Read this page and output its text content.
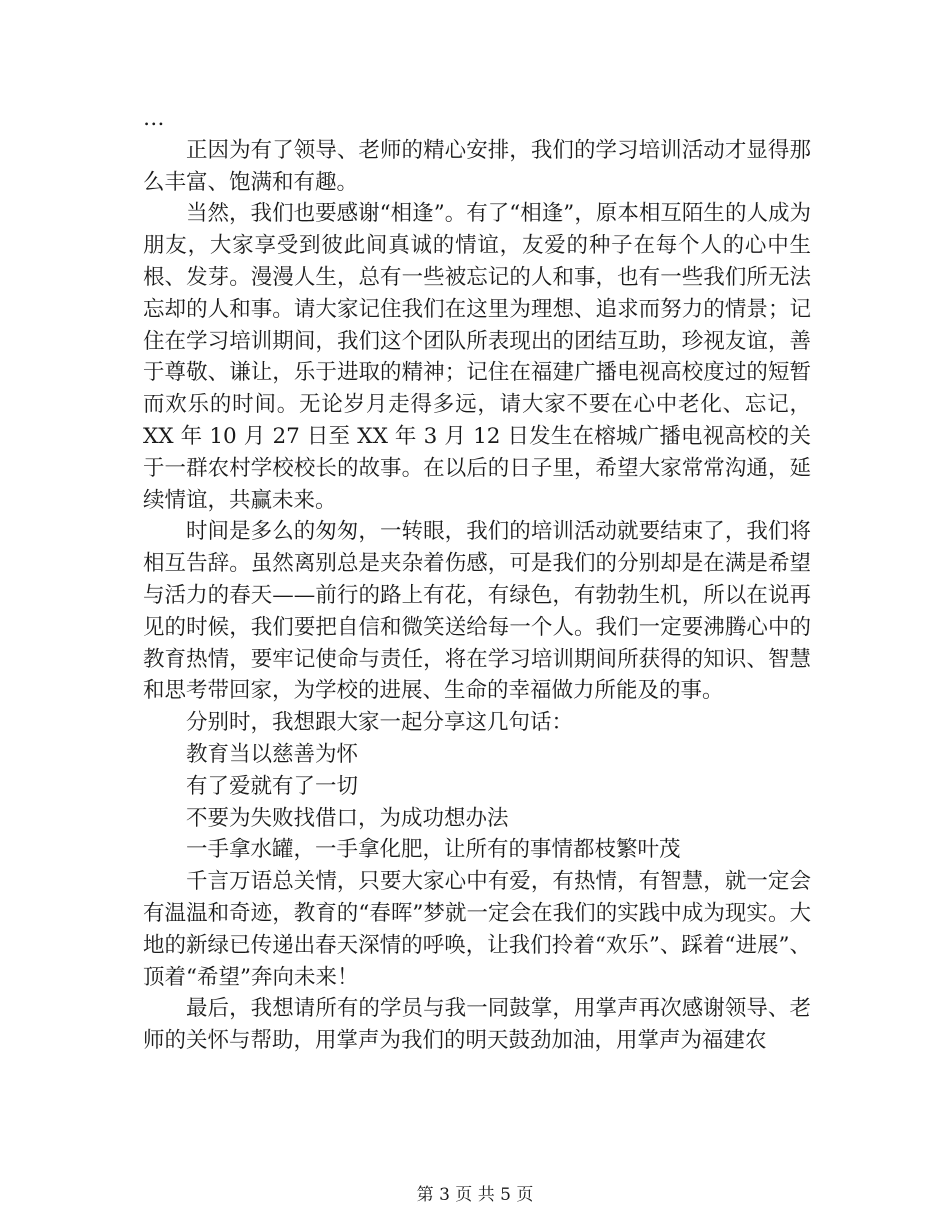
…

正因为有了领导、老师的精心安排，我们的学习培训活动才显得那么丰富、饱满和有趣。

当然，我们也要感谢“相逢”。有了“相逢”，原本相互陌生的人成为朋友，大家享受到彼此间真诚的情谊，友爱的种子在每个人的心中生根、发芽。漫漫人生，总有一些被忘记的人和事，也有一些我们所无法忘却的人和事。请大家记住我们在这里为理想、追求而努力的情景；记住在学习培训期间，我们这个团队所表现出的团结互助，珍视友谊，善于尊敬、谦让，乐于进取的精神；记住在福建广播电视高校度过的短暂而欢乐的时间。无论岁月走得多远，请大家不要在心中老化、忘记，XX 年 10 月 27 日至 XX 年 3 月 12 日发生在榕城广播电视高校的关于一群农村学校校长的故事。在以后的日子里，希望大家常常沟通，延续情谊，共赢未来。

时间是多么的匆匆，一转眼，我们的培训活动就要结束了，我们将相互告辞。虽然离别总是夹杂着伤感，可是我们的分别却是在满是希望与活力的春天——前行的路上有花，有绿色，有勃勃生机，所以在说再见的时候，我们要把自信和微笑送给每一个人。我们一定要沸腾心中的教育热情，要牢记使命与责任，将在学习培训期间所获得的知识、智慧和思考带回家，为学校的进展、生命的幸福做力所能及的事。

分别时，我想跟大家一起分享这几句话：

教育当以慈善为怀

有了爱就有了一切

不要为失败找借口，为成功想办法

一手拿水罐，一手拿化肥，让所有的事情都枝繁叶茂

千言万语总关情，只要大家心中有爱，有热情，有智慧，就一定会有温温和奇迹，教育的“春晖”梦就一定会在我们的实践中成为现实。大地的新绿已传递出春天深情的呼唤，让我们拎着“欢乐”、踩着“进展”、顶着“希望”奔向未来！

最后，我想请所有的学员与我一同鼓掌，用掌声再次感谢领导、老师的关怀与帮助，用掌声为我们的明天鼓劲加油，用掌声为福建农

第 3 页 共 5 页
